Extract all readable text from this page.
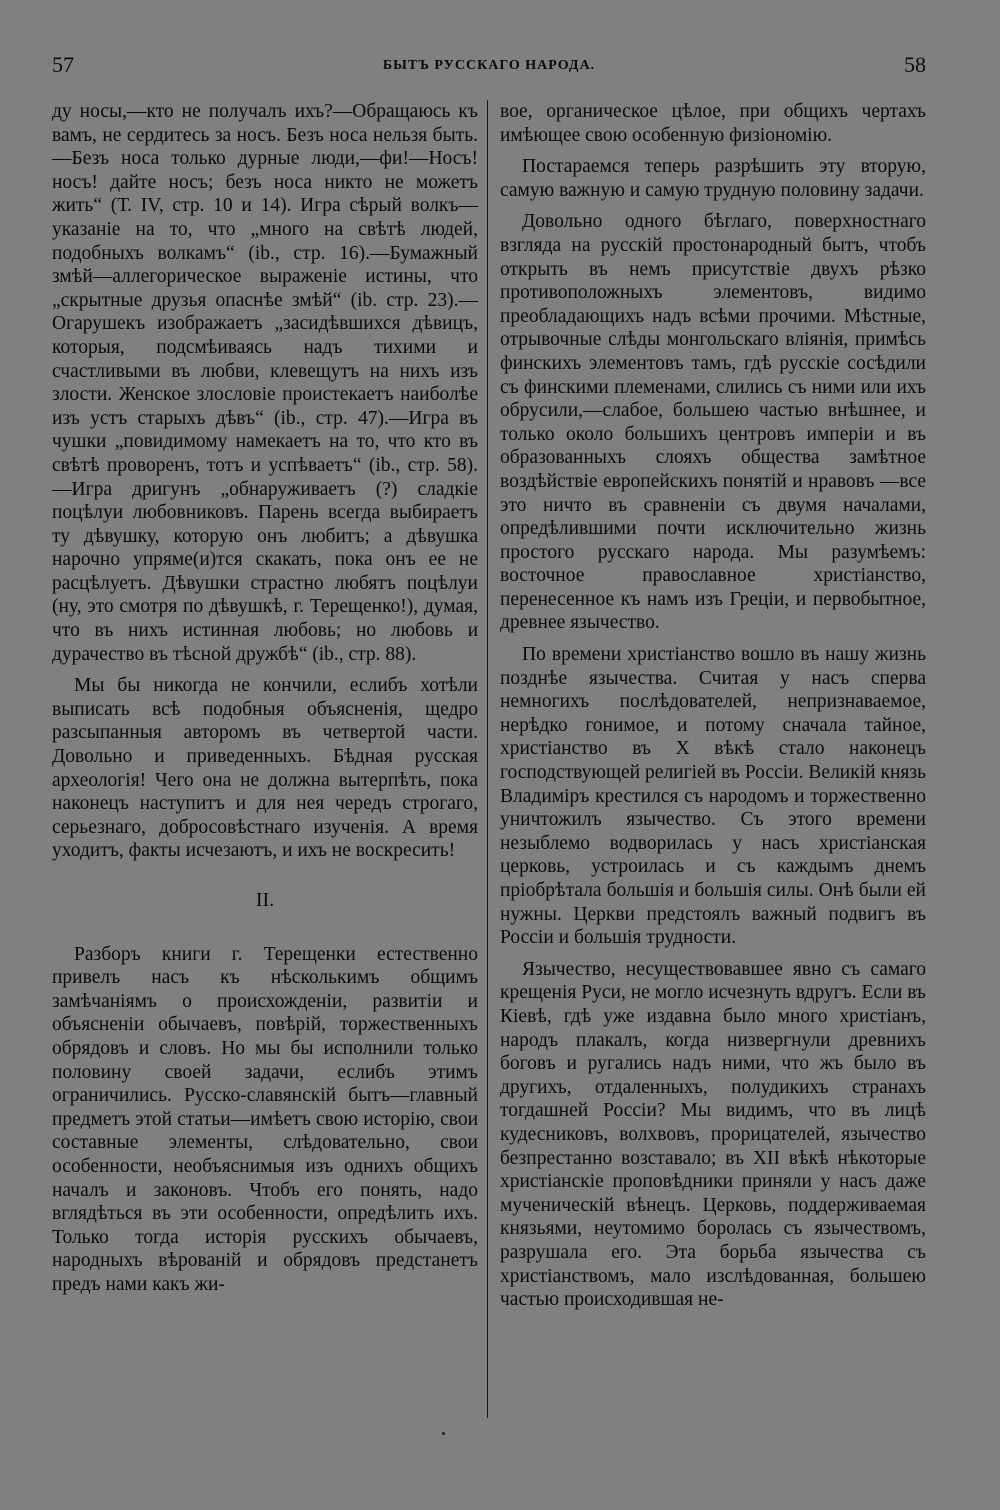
57	БЫТЪ РУССКАГО НАРОДА.	58

ду носы,—кто не получалъ ихъ?—Обращаюсь къ вамъ, не сердитесь за носъ. Безъ носа нельзя быть.—Безъ носа только дурные люди,—фи!—Носъ! носъ! дайте носъ; безъ носа никто не можетъ жить“ (Т. IV, стр. 10 и 14). Игра сѣрый волкъ—указанiе на то, что „много на свѣтѣ людей, подобныхъ волкамъ“ (ib., стр. 16).—Бумажный змѣй—аллегорическое выраженiе истины, что „скрытные друзья опаснѣе змѣй“ (ib. стр. 23).—Огарушекъ изображаетъ „засидѣвшихся дѣвицъ, которыя, подсмѣиваясь надъ тихими и счастливыми въ любви, клевещутъ на нихъ изъ злости. Женское злословiе проистекаетъ наиболѣе изъ устъ старыхъ дѣвъ“ (ib., стр. 47).—Игра въ чушки „повидимому намекаетъ на то, что кто въ свѣтѣ проворенъ, тотъ и успѣваетъ“ (ib., стр. 58).—Игра дригунъ „обнаруживаетъ (?) сладкiе поцѣлуи любовниковъ. Парень всегда выбираетъ ту дѣвушку, которую онъ любитъ; а дѣвушка нарочно упряме(и)тся скакать, пока онъ ее не расцѣлуетъ. Дѣвушки страстно любятъ поцѣлуи (ну, это смотря по дѣвушкѣ, г. Терещенко!), думая, что въ нихъ истинная любовь; но любовь и дурачество въ тѣсной дружбѣ“ (ib., стр. 88).

Мы бы никогда не кончили, еслибъ хотѣли выписать всѣ подобныя объясненiя, щедро разсыпанныя авторомъ въ четвертой части. Довольно и приведенныхъ. Бѣдная русская археологiя! Чего она не должна вытерпѣть, пока наконецъ наступитъ и для нея чередъ строгаго, серьезнаго, добросовѣстнаго изученiя. А время уходитъ, факты исчезаютъ, и ихъ не воскресить!

II.

Разборъ книги г. Терещенки естественно привелъ насъ къ нѣсколькимъ общимъ замѣчанiямъ о происхожденiи, развитiи и объясненiи обычаевъ, повѣрiй, торжественныхъ обрядовъ и словъ. Но мы бы исполнили только половину своей задачи, еслибъ этимъ ограничились. Русско-славянскiй бытъ—главный предметъ этой статьи—имѣетъ свою исторiю, свои составные элементы, слѣдовательно, свои особенности, необъяснимыя изъ однихъ общихъ началъ и законовъ. Чтобъ его понять, надо вглядѣться въ эти особенности, опредѣлить ихъ. Только тогда исторiя русскихъ обычаевъ, народныхъ вѣрованiй и обрядовъ предстанетъ предъ нами какъ жи-

вое, органическое цѣлое, при общихъ чертахъ имѣющее свою особенную физiономiю.

Постараемся теперь разрѣшить эту вторую, самую важную и самую трудную половину задачи.

Довольно одного бѣглаго, поверхностнаго взгляда на русскiй простонародный бытъ, чтобъ открыть въ немъ присутствiе двухъ рѣзко противоположныхъ элементовъ, видимо преобладающихъ надъ всѣми прочими. Мѣстные, отрывочные слѣды монгольскаго влiянiя, примѣсь финскихъ элементовъ тамъ, гдѣ русскiе сосѣдили съ финскими племенами, слились съ ними или ихъ обрусили,—слабое, большею частью внѣшнее, и только около большихъ центровъ имперiи и въ образованныхъ слояхъ общества замѣтное воздѣйствiе европейскихъ понятiй и нравовъ —все это ничто въ сравненiи съ двумя началами, опредѣлившими почти исключительно жизнь простого русскаго народа. Мы разумѣемъ: восточное православное христiанство, перенесенное къ намъ изъ Грецiи, и первобытное, древнее язычество.

По времени христiанство вошло въ нашу жизнь позднѣе язычества. Считая у насъ сперва немногихъ послѣдователей, непризнаваемое, нерѣдко гонимое, и потому сначала тайное, христiанство въ X вѣкѣ стало наконецъ господствующей религiей въ Россiи. Великiй князь Владимiръ крестился съ народомъ и торжественно уничтожилъ язычество. Съ этого времени незыблемо водворилась у насъ христiанская церковь, устроилась и съ каждымъ днемъ прiобрѣтала большiя и большiя силы. Онѣ были ей нужны. Церкви предстоялъ важный подвигъ въ Россiи и большiя трудности.

Язычество, несуществовавшее явно съ самаго крещенiя Руси, не могло исчезнуть вдругъ. Если въ Кiевѣ, гдѣ уже издавна было много христiанъ, народъ плакалъ, когда низвергнули древнихъ боговъ и ругались надъ ними, что жъ было въ другихъ, отдаленныхъ, полудикихъ странахъ тогдашней Россiи? Мы видимъ, что въ лицѣ кудесниковъ, волхвовъ, прорицателей, язычество безпрестанно возставало; въ XII вѣкѣ нѣкоторые христiанскiе проповѣдники приняли у насъ даже мученическiй вѣнецъ. Церковь, поддерживаемая князьями, неутомимо боролась съ язычествомъ, разрушала его. Эта борьба язычества съ христiанствомъ, мало изслѣдованная, большею частью происходившая не-
